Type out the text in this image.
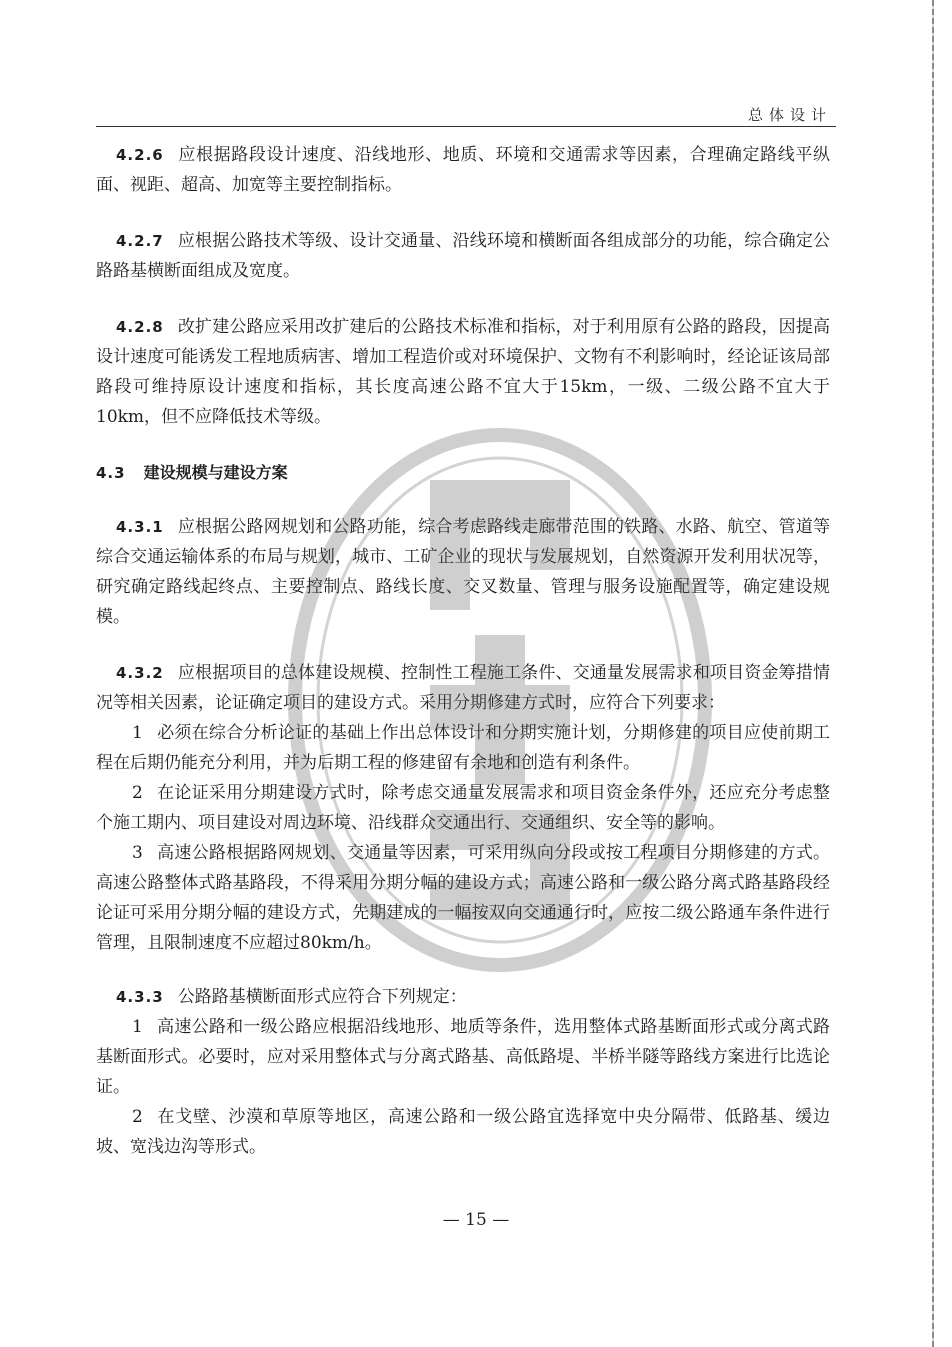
总体设计

4.2.6 应根据路段设计速度、沿线地形、地质、环境和交通需求等因素，合理确定路线平纵面、视距、超高、加宽等主要控制指标。

4.2.7 应根据公路技术等级、设计交通量、沿线环境和横断面各组成部分的功能，综合确定公路路基横断面组成及宽度。

4.2.8 改扩建公路应采用改扩建后的公路技术标准和指标，对于利用原有公路的路段，因提高设计速度可能诱发工程地质病害、增加工程造价或对环境保护、文物有不利影响时，经论证该局部路段可维持原设计速度和指标，其长度高速公路不宜大于15km，一级、二级公路不宜大于10km，但不应降低技术等级。

4.3 建设规模与建设方案

4.3.1 应根据公路网规划和公路功能，综合考虑路线走廊带范围的铁路、水路、航空、管道等综合交通运输体系的布局与规划，城市、工矿企业的现状与发展规划，自然资源开发利用状况等，研究确定路线起终点、主要控制点、路线长度、交叉数量、管理与服务设施配置等，确定建设规模。

4.3.2 应根据项目的总体建设规模、控制性工程施工条件、交通量发展需求和项目资金筹措情况等相关因素，论证确定项目的建设方式。采用分期修建方式时，应符合下列要求：

1 必须在综合分析论证的基础上作出总体设计和分期实施计划，分期修建的项目应使前期工程在后期仍能充分利用，并为后期工程的修建留有余地和创造有利条件。

2 在论证采用分期建设方式时，除考虑交通量发展需求和项目资金条件外，还应充分考虑整个施工期内、项目建设对周边环境、沿线群众交通出行、交通组织、安全等的影响。

3 高速公路根据路网规划、交通量等因素，可采用纵向分段或按工程项目分期修建的方式。高速公路整体式路基路段，不得采用分期分幅的建设方式；高速公路和一级公路分离式路基路段经论证可采用分期分幅的建设方式，先期建成的一幅按双向交通通行时，应按二级公路通车条件进行管理，且限制速度不应超过80km/h。

4.3.3 公路路基横断面形式应符合下列规定：

1 高速公路和一级公路应根据沿线地形、地质等条件，选用整体式路基断面形式或分离式路基断面形式。必要时，应对采用整体式与分离式路基、高低路堤、半桥半隧等路线方案进行比选论证。

2 在戈壁、沙漠和草原等地区，高速公路和一级公路宜选择宽中央分隔带、低路基、缓边坡、宽浅边沟等形式。

— 15 —
